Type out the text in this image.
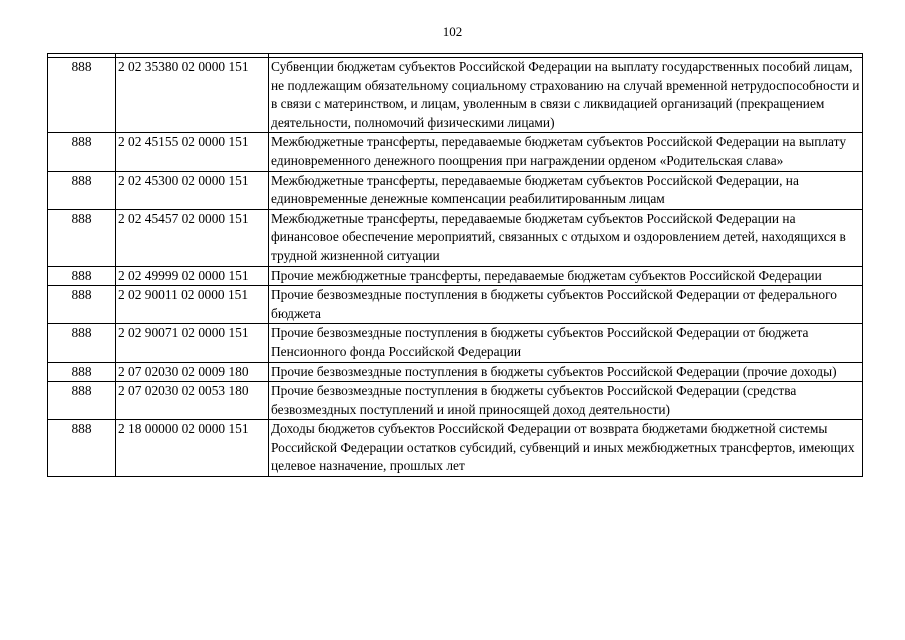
102

888	2 02 35380 02 0000 151	Субвенции бюджетам субъектов Российской Федерации на выплату государственных пособий лицам, не подлежащим обязательному социальному страхованию на случай временной нетрудоспособности и в связи с материнством, и лицам, уволенным в связи с ликвидацией организаций (прекращением деятельности, полномочий физическими лицами)
888	2 02 45155 02 0000 151	Межбюджетные трансферты, передаваемые бюджетам субъектов Российской Федерации на выплату единовременного денежного поощрения при награждении орденом «Родительская слава»
888	2 02 45300 02 0000 151	Межбюджетные трансферты, передаваемые бюджетам субъектов Российской Федерации, на единовременные денежные компенсации реабилитированным лицам
888	2 02 45457 02 0000 151	Межбюджетные трансферты, передаваемые бюджетам субъектов Российской Федерации на финансовое обеспечение мероприятий, связанных с отдыхом и оздоровлением детей, находящихся в трудной жизненной ситуации
888	2 02 49999 02 0000 151	Прочие межбюджетные трансферты, передаваемые бюджетам субъектов Российской Федерации
888	2 02 90011 02 0000 151	Прочие безвозмездные поступления в бюджеты субъектов Российской Федерации от федерального бюджета
888	2 02 90071 02 0000 151	Прочие безвозмездные поступления в бюджеты субъектов Российской Федерации от бюджета Пенсионного фонда Российской Федерации
888	2 07 02030 02 0009 180	Прочие безвозмездные поступления в бюджеты субъектов Российской Федерации (прочие доходы)
888	2 07 02030 02 0053 180	Прочие безвозмездные поступления в бюджеты субъектов Российской Федерации (средства безвозмездных поступлений и иной приносящей доход деятельности)
888	2 18 00000 02 0000 151	Доходы бюджетов субъектов Российской Федерации от возврата бюджетами бюджетной системы Российской Федерации остатков субсидий, субвенций и иных межбюджетных трансфертов, имеющих целевое назначение, прошлых лет
